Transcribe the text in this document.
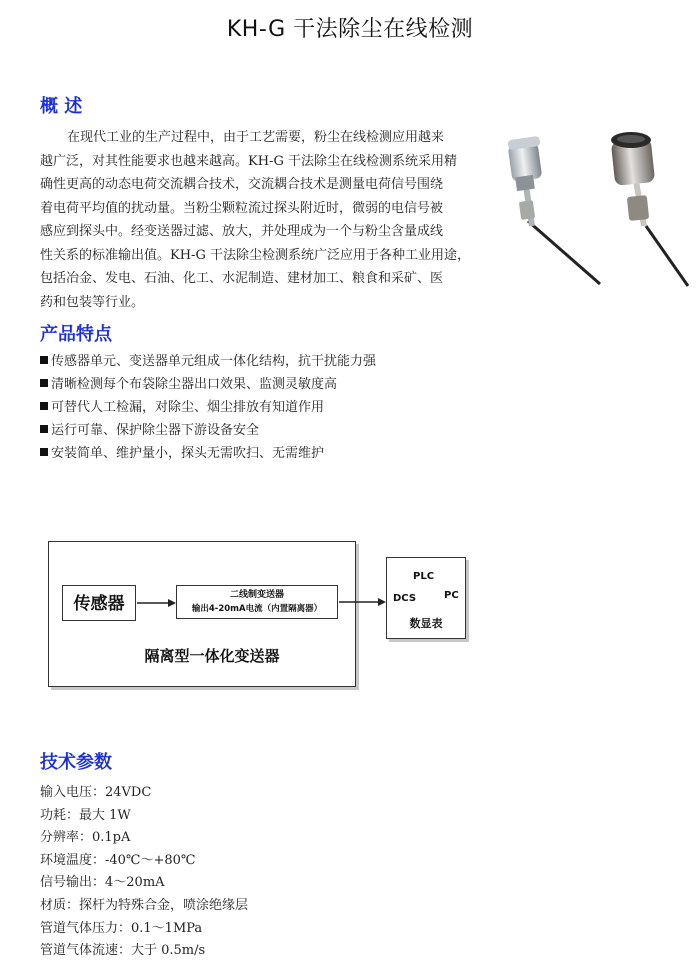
KH-G 干法除尘在线检测
概 述
在现代工业的生产过程中，由于工艺需要，粉尘在线检测应用越来
越广泛，对其性能要求也越来越高。KH-G 干法除尘在线检测系统采用精
确性更高的动态电荷交流耦合技术，交流耦合技术是测量电荷信号围绕
着电荷平均值的扰动量。当粉尘颗粒流过探头附近时，微弱的电信号被
感应到探头中。经变送器过滤、放大，并处理成为一个与粉尘含量成线
性关系的标准输出值。KH-G 干法除尘检测系统广泛应用于各种工业用途，
包括冶金、发电、石油、化工、水泥制造、建材加工、粮食和采矿、医
药和包装等行业。
产品特点
传感器单元、变送器单元组成一体化结构，抗干扰能力强
清晰检测每个布袋除尘器出口效果、监测灵敏度高
可替代人工检漏，对除尘、烟尘排放有知道作用
运行可靠、保护除尘器下游设备安全
安装简单、维护量小，探头无需吹扫、无需维护
传感器	二线制变送器
输出4-20mA电流（内置隔离器）
隔离型一体化变送器
PLC
DCS	PC
数显表
技术参数
输入电压：24VDC
功耗：最大 1W
分辨率：0.1pA
环境温度：-40℃～+80℃
信号输出：4～20mA
材质：探杆为特殊合金，喷涂绝缘层
管道气体压力：0.1～1MPa
管道气体流速：大于 0.5m/s
